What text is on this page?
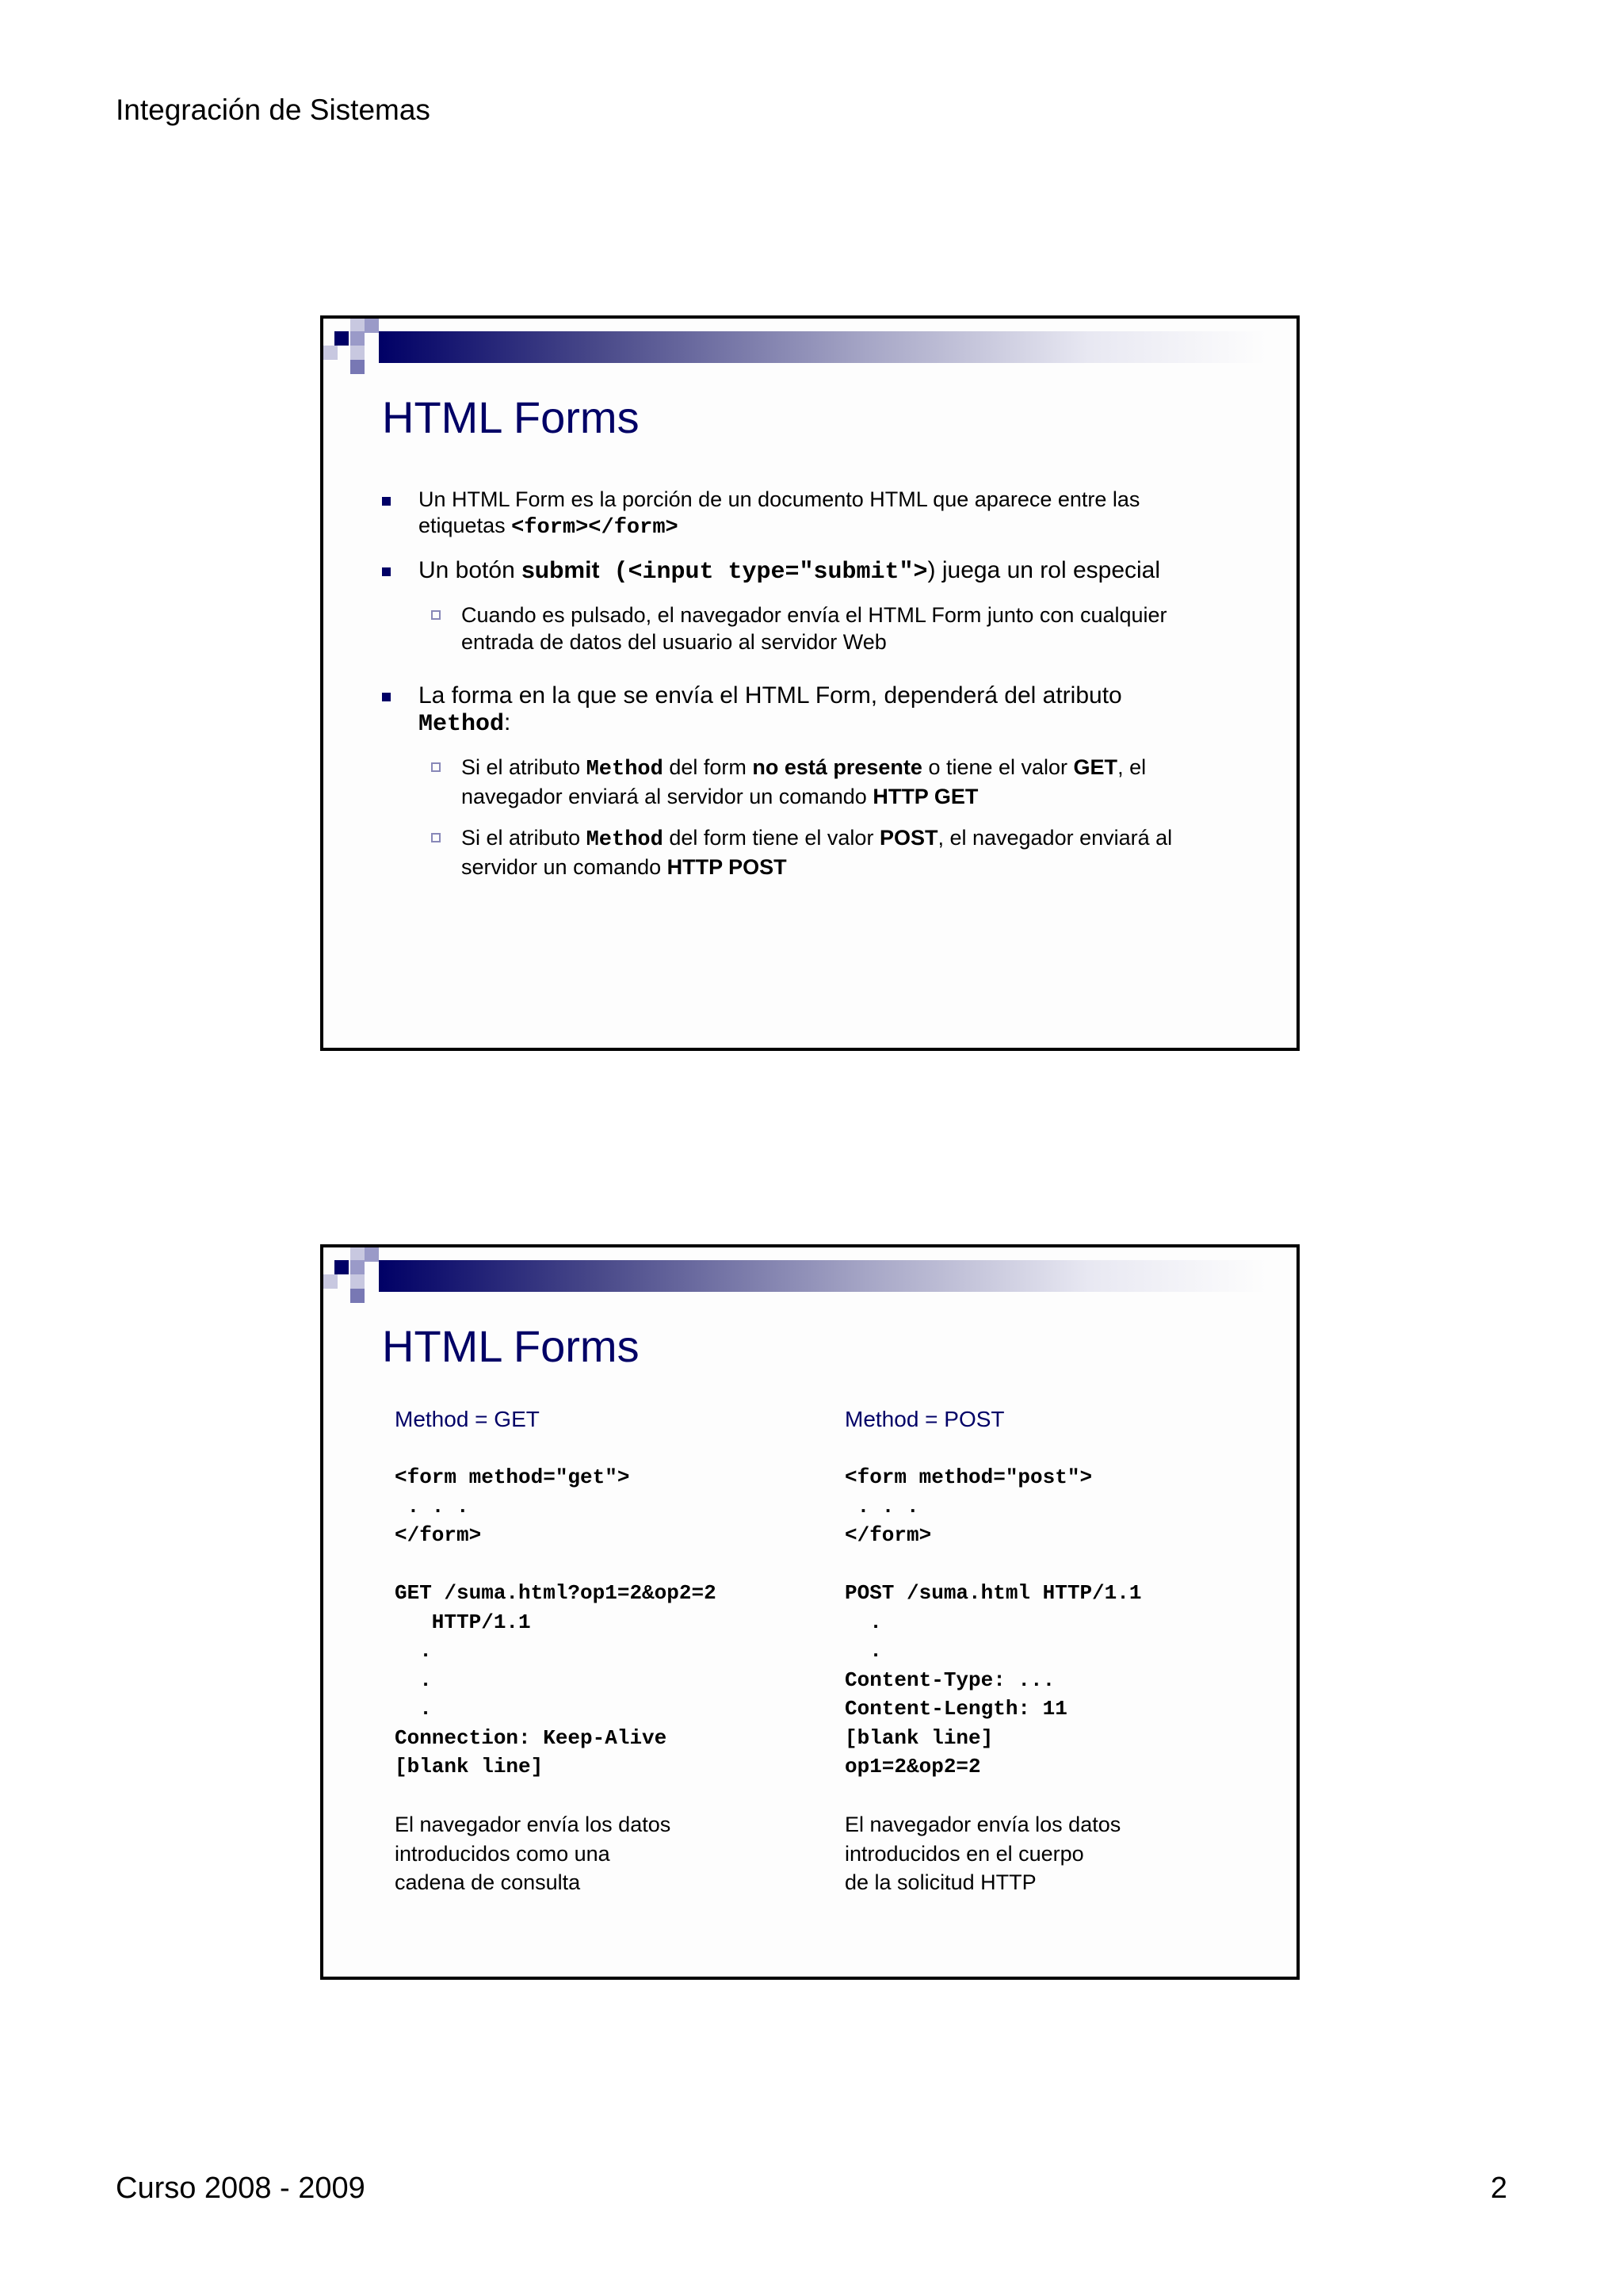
Integración de Sistemas
HTML Forms
Un HTML Form es la porción de un documento HTML que aparece entre las etiquetas <form></form>
Un botón submit (<input type="submit">) juega un rol especial
Cuando es pulsado, el navegador envía el HTML Form junto con cualquier entrada de datos del usuario al servidor Web
La forma en la que se envía el HTML Form, dependerá del atributo
Method:
Si el atributo Method del form no está presente o tiene el valor GET, el navegador enviará al servidor un comando HTTP GET
Si el atributo Method del form tiene el valor POST, el navegador enviará al servidor un comando HTTP POST
HTML Forms
Method = GET
<form method="get">
. . .
</form>
GET /suma.html?op1=2&op2=2
HTTP/1.1
.
.
.
Connection: Keep-Alive
[blank line]
El navegador envía los datos
introducidos como una
cadena de consulta
Method = POST
<form method="post">
. . .
</form>
POST /suma.html HTTP/1.1
.
.
Content-Type: ...
Content-Length: 11
[blank line]
op1=2&op2=2
El navegador envía los datos
introducidos en el cuerpo
de la solicitud HTTP
Curso 2008 - 2009	2
